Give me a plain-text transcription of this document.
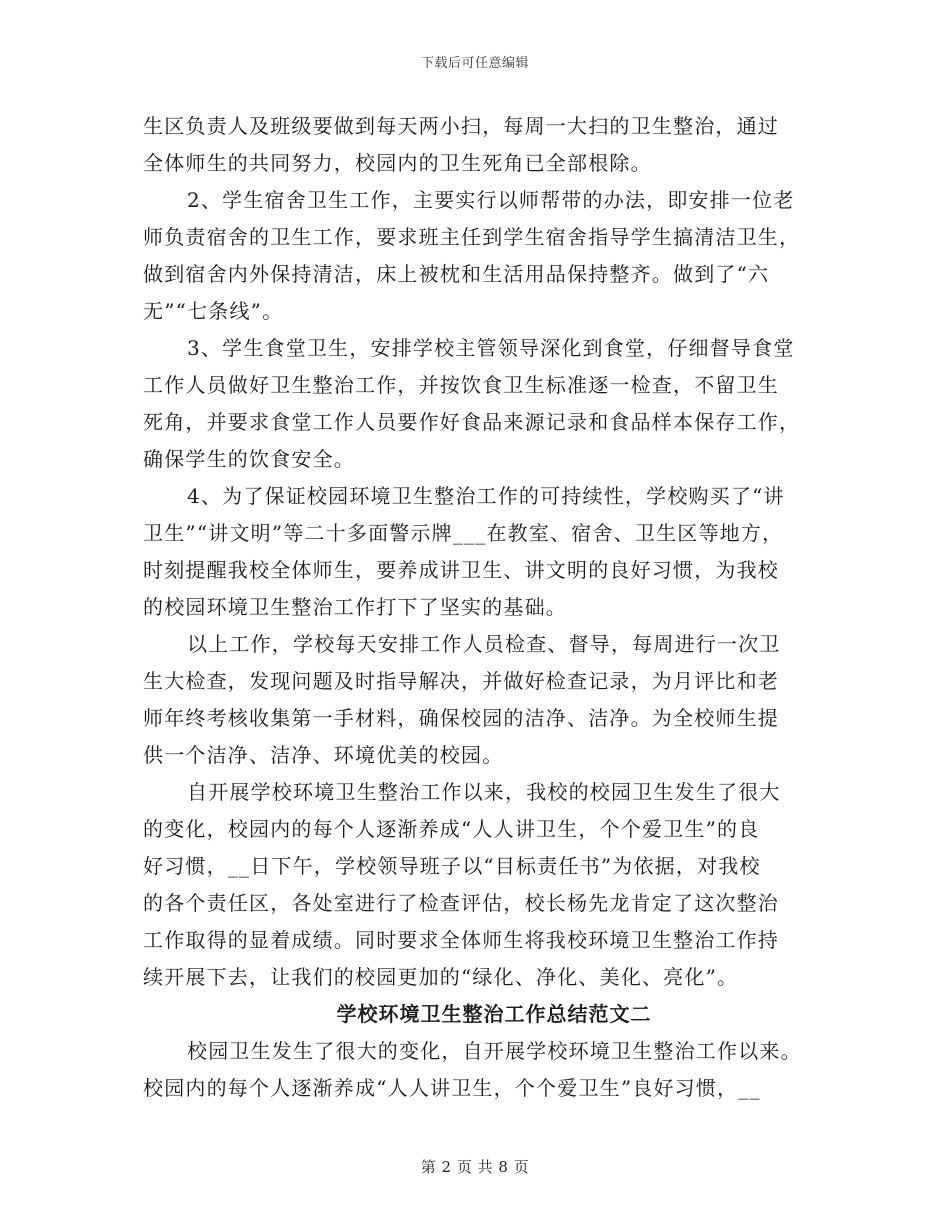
下载后可任意编辑
生区负责人及班级要做到每天两小扫，每周一大扫的卫生整治，通过
全体师生的共同努力，校园内的卫生死角已全部根除。
2、学生宿舍卫生工作，主要实行以师帮带的办法，即安排一位老
师负责宿舍的卫生工作，要求班主任到学生宿舍指导学生搞清洁卫生，
做到宿舍内外保持清洁，床上被枕和生活用品保持整齐。做到了“六
无”“七条线”。
3、学生食堂卫生，安排学校主管领导深化到食堂，仔细督导食堂
工作人员做好卫生整治工作，并按饮食卫生标准逐一检查，不留卫生
死角，并要求食堂工作人员要作好食品来源记录和食品样本保存工作，
确保学生的饮食安全。
4、为了保证校园环境卫生整治工作的可持续性，学校购买了“讲
卫生”“讲文明”等二十多面警示牌___在教室、宿舍、卫生区等地方，
时刻提醒我校全体师生，要养成讲卫生、讲文明的良好习惯，为我校
的校园环境卫生整治工作打下了坚实的基础。
以上工作，学校每天安排工作人员检查、督导，每周进行一次卫
生大检查，发现问题及时指导解决，并做好检查记录，为月评比和老
师年终考核收集第一手材料，确保校园的洁净、洁净。为全校师生提
供一个洁净、洁净、环境优美的校园。
自开展学校环境卫生整治工作以来，我校的校园卫生发生了很大
的变化，校园内的每个人逐渐养成“人人讲卫生，个个爱卫生”的良
好习惯，__日下午，学校领导班子以“目标责任书”为依据，对我校
的各个责任区，各处室进行了检查评估，校长杨先龙肯定了这次整治
工作取得的显着成绩。同时要求全体师生将我校环境卫生整治工作持
续开展下去，让我们的校园更加的“绿化、净化、美化、亮化”。
学校环境卫生整治工作总结范文二
校园卫生发生了很大的变化，自开展学校环境卫生整治工作以来。
校园内的每个人逐渐养成“人人讲卫生，个个爱卫生”良好习惯，__
第 2 页 共 8 页
